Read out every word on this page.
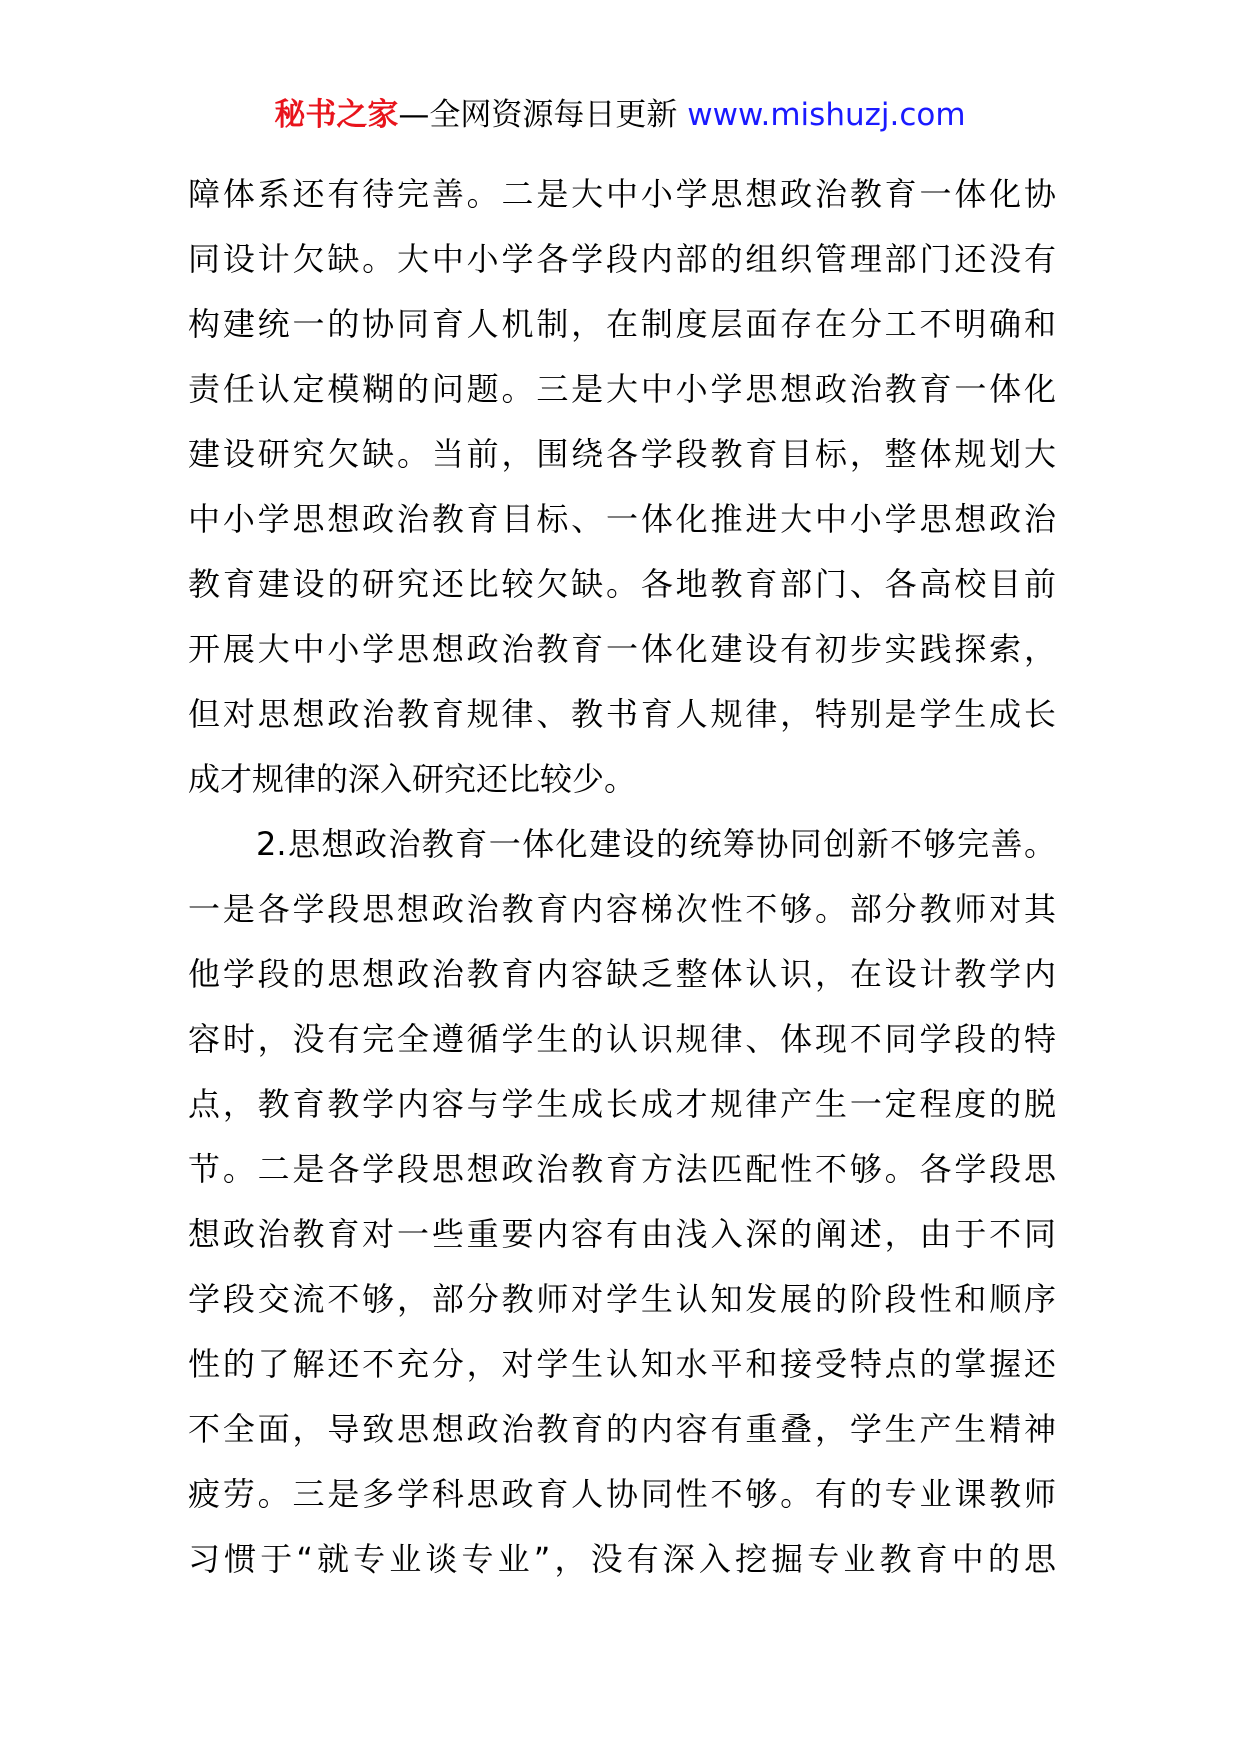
秘书之家—全网资源每日更新 www.mishuzj.com
障体系还有待完善。二是大中小学思想政治教育一体化协
同设计欠缺。大中小学各学段内部的组织管理部门还没有
构建统一的协同育人机制，在制度层面存在分工不明确和
责任认定模糊的问题。三是大中小学思想政治教育一体化
建设研究欠缺。当前，围绕各学段教育目标，整体规划大
中小学思想政治教育目标、一体化推进大中小学思想政治
教育建设的研究还比较欠缺。各地教育部门、各高校目前
开展大中小学思想政治教育一体化建设有初步实践探索，
但对思想政治教育规律、教书育人规律，特别是学生成长
成才规律的深入研究还比较少。
2.思想政治教育一体化建设的统筹协同创新不够完善。
一是各学段思想政治教育内容梯次性不够。部分教师对其
他学段的思想政治教育内容缺乏整体认识，在设计教学内
容时，没有完全遵循学生的认识规律、体现不同学段的特
点，教育教学内容与学生成长成才规律产生一定程度的脱
节。二是各学段思想政治教育方法匹配性不够。各学段思
想政治教育对一些重要内容有由浅入深的阐述，由于不同
学段交流不够，部分教师对学生认知发展的阶段性和顺序
性的了解还不充分，对学生认知水平和接受特点的掌握还
不全面，导致思想政治教育的内容有重叠，学生产生精神
疲劳。三是多学科思政育人协同性不够。有的专业课教师
习惯于“就专业谈专业”，没有深入挖掘专业教育中的思
